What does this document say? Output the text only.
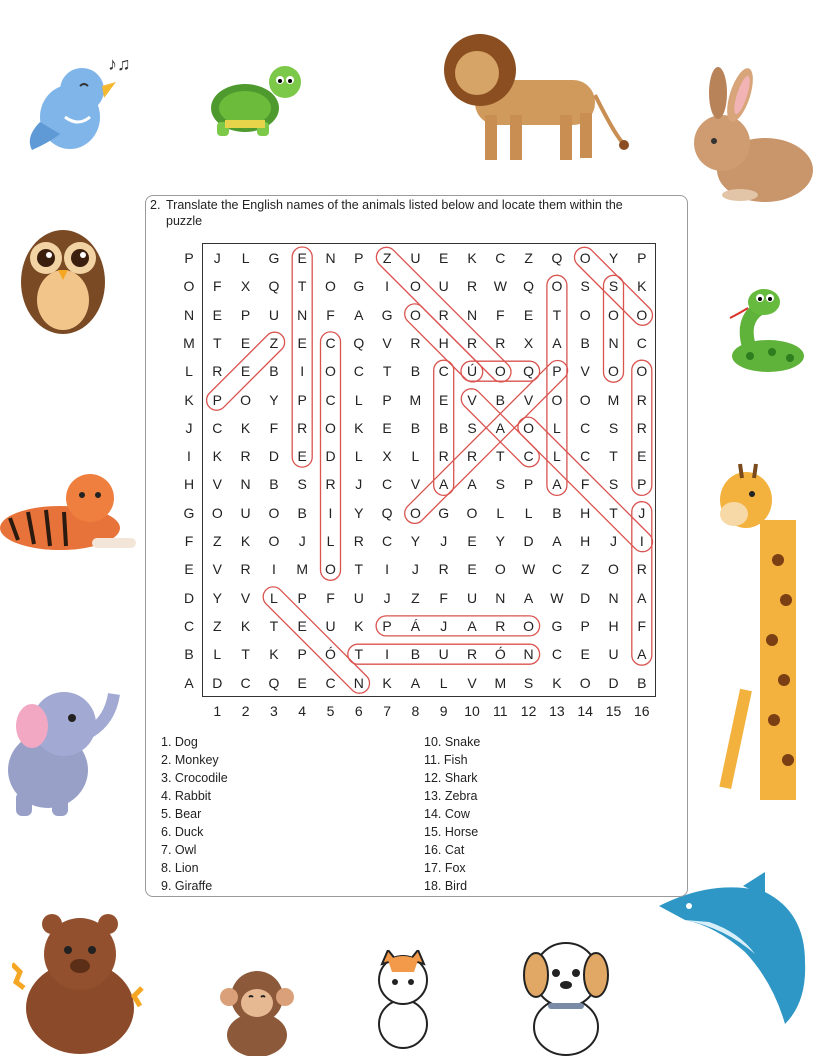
♪♫
2. Translate the English names of the animals listed below and locate them within the puzzle
P	J	L	G	E	N	P	Z	U	E	K	C	Z	Q	O	Y	P
O	F	X	Q	T	O	G	I	O	U	R	W	Q	O	S	S	K
N	E	P	U	N	F	A	G	O	R	N	F	E	T	O	O	O
M	T	E	Z	E	C	Q	V	R	H	R	R	X	A	B	N	C
L	R	E	B	I	O	C	T	B	C	Ú	O	Q	P	V	O	O
K	P	O	Y	P	C	L	P	M	E	V	B	V	O	O	M	R
J	C	K	F	R	O	K	E	B	B	S	A	O	L	C	S	R
I	K	R	D	E	D	L	X	L	R	R	T	C	L	C	T	E
H	V	N	B	S	R	J	C	V	A	A	S	P	A	F	S	P
G	O	U	O	B	I	Y	Q	O	G	O	L	L	B	H	T	J
F	Z	K	O	J	L	R	C	Y	J	E	Y	D	A	H	J	I
E	V	R	I	M	O	T	I	J	R	E	O	W	C	Z	O	R
D	Y	V	L	P	F	U	J	Z	F	U	N	A	W	D	N	A
C	Z	K	T	E	U	K	P	Á	J	A	R	O	G	P	H	F
B	L	T	K	P	Ó	T	I	B	U	R	Ó	N	C	E	U	A
A	D	C	Q	E	C	N	K	A	L	V	M	S	K	O	D	B
1	2	3	4	5	6	7	8	9	10 11 12 13 14 15 16
1. Dog
2. Monkey
3. Crocodile
4. Rabbit
5. Bear
6. Duck
7. Owl
8. Lion
9. Giraffe
10. Snake
11. Fish
12. Shark
13. Zebra
14. Cow
15. Horse
16. Cat
17. Fox
18. Bird
